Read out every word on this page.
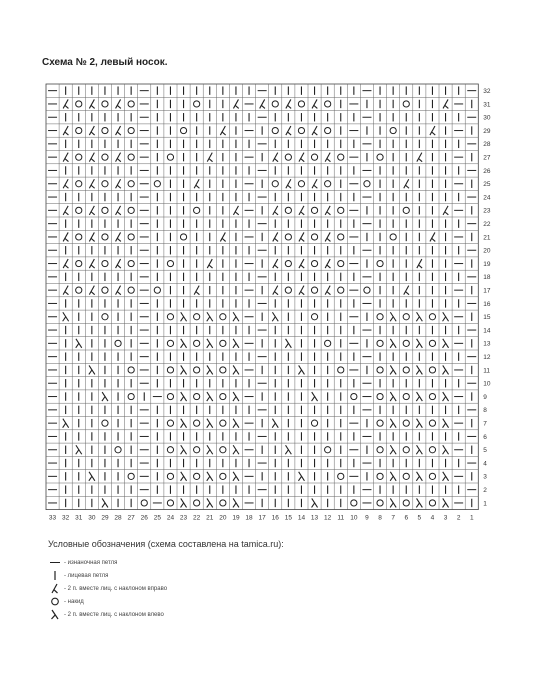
Схема № 2, левый носок.
32
31
30
29
28
27
26
25
24
23
22
21
20
19
18
17
16
15
14
13
12
11
10
9
8
7
6
5
4
3
2
1
33 32 31 30 29 28 27 26 25 24 23 22 21 20 19 18 17 16 15 14 13 12 11 10 9 8 7 6 5 4 3 2 1
Условные обозначения (схема составлена на tamica.ru):
- изнаночная петля
- лицевая петля
- 2 п. вместе лиц. с наклоном вправо
- накид
- 2 п. вместе лиц. с наклоном влево
